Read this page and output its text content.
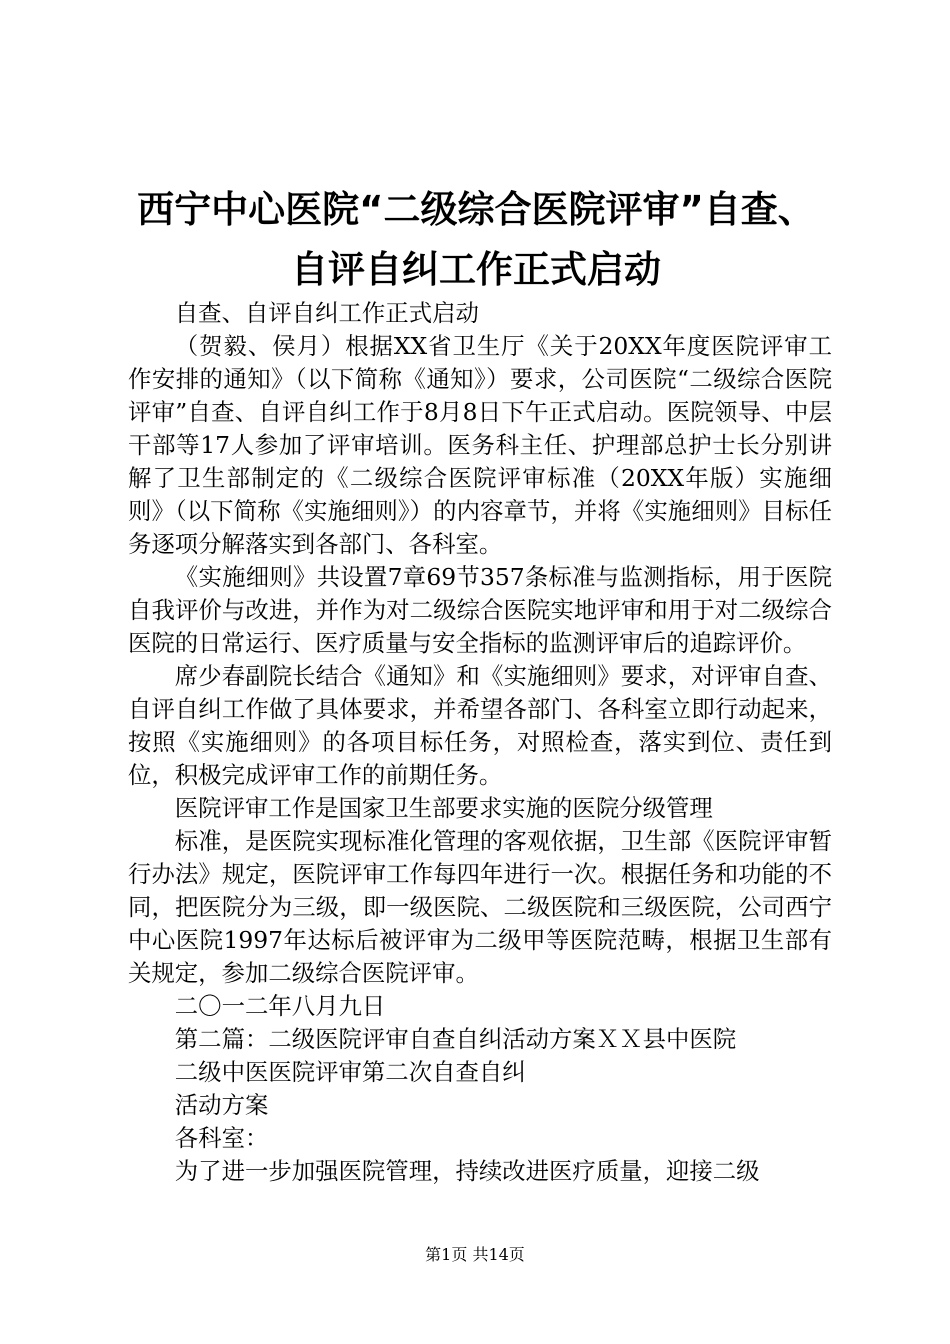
西宁中心医院“二级综合医院评审”自查、自评自纠工作正式启动

自查、自评自纠工作正式启动

（贺毅、侯月）根据XX省卫生厅《关于20XX年度医院评审工作安排的通知》（以下简称《通知》）要求，公司医院“二级综合医院评审”自查、自评自纠工作于8月8日下午正式启动。医院领导、中层干部等17人参加了评审培训。医务科主任、护理部总护士长分别讲解了卫生部制定的《二级综合医院评审标准（20XX年版）实施细则》（以下简称《实施细则》）的内容章节，并将《实施细则》目标任务逐项分解落实到各部门、各科室。

《实施细则》共设置7章69节357条标准与监测指标，用于医院自我评价与改进，并作为对二级综合医院实地评审和用于对二级综合医院的日常运行、医疗质量与安全指标的监测评审后的追踪评价。

席少春副院长结合《通知》和《实施细则》要求，对评审自查、自评自纠工作做了具体要求，并希望各部门、各科室立即行动起来，按照《实施细则》的各项目标任务，对照检查，落实到位、责任到位，积极完成评审工作的前期任务。

医院评审工作是国家卫生部要求实施的医院分级管理

标准，是医院实现标准化管理的客观依据，卫生部《医院评审暂行办法》规定，医院评审工作每四年进行一次。根据任务和功能的不同，把医院分为三级，即一级医院、二级医院和三级医院，公司西宁中心医院1997年达标后被评审为二级甲等医院范畴，根据卫生部有关规定，参加二级综合医院评审。

二〇一二年八月九日

第二篇：二级医院评审自查自纠活动方案ＸＸ县中医院

二级中医医院评审第二次自查自纠

活动方案

各科室：

为了进一步加强医院管理，持续改进医疗质量，迎接二级

第1页 共14页
